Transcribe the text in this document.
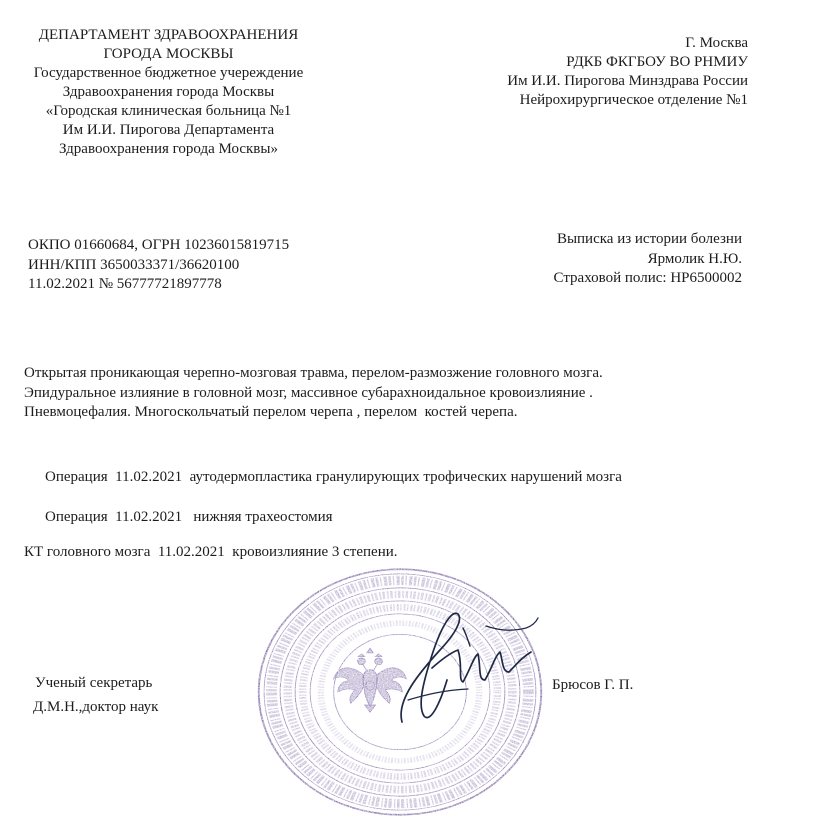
ДЕПАРТАМЕНТ ЗДРАВООХРАНЕНИЯ
ГОРОДА МОСКВЫ
Государственное бюджетное учереждение
Здравоохранения города Москвы
«Городская клиническая больница №1
Им И.И. Пирогова Департамента
Здравоохранения города Москвы»
Г. Москва
РДКБ ФКГБОУ ВО РНМИУ
Им И.И. Пирогова Минздрава России
Нейрохирургическое отделение №1
ОКПО 01660684, ОГРН 10236015819715
ИНН/КПП 3650033371/36620100
11.02.2021 № 56777721897778
Выписка из истории болезни
Ярмолик Н.Ю.
Страховой полис: НР6500002
Открытая проникающая черепно-мозговая травма, перелом-размозжение головного мозга.
Эпидуральное излияние в головной мозг, массивное субарахноидальное кровоизлияние .
Пневмоцефалия. Многоскольчатый перелом черепа , перелом  костей черепа.
Операция  11.02.2021  аутодермопластика гранулирующих трофических нарушений мозга
Операция  11.02.2021   нижняя трахеостомия
КТ головного мозга  11.02.2021  кровоизлияние 3 степени.
Ученый секретарь
Д.М.Н.,доктор наук
Брюсов Г. П.
